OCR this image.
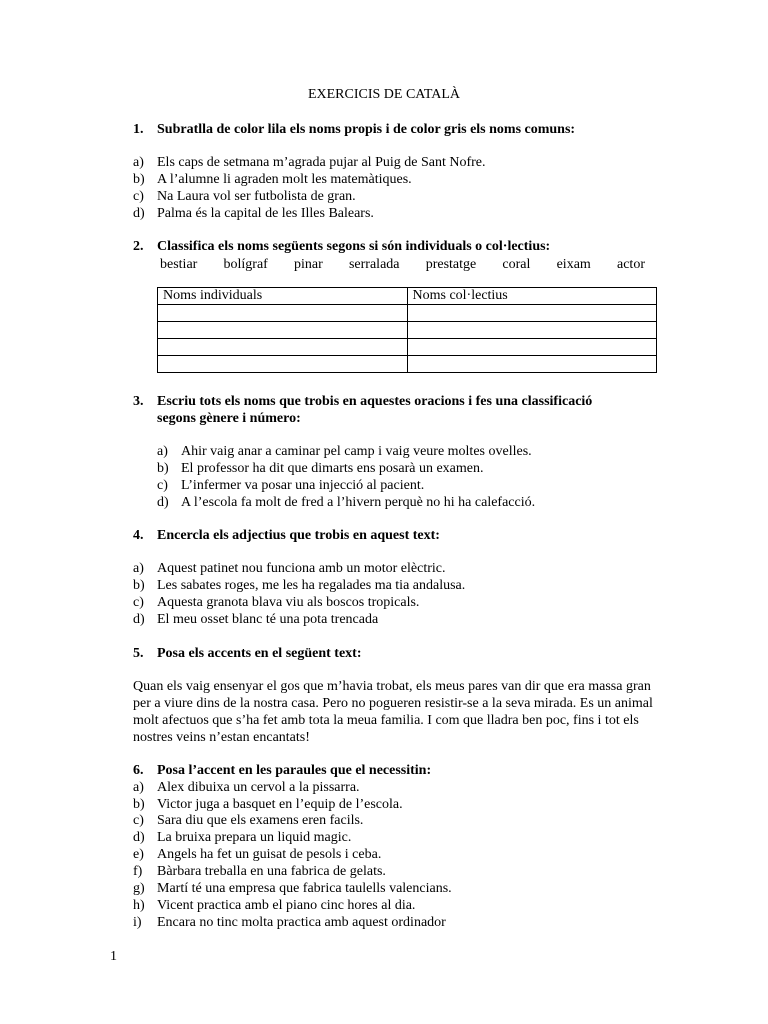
EXERCICIS DE CATALÀ
1. Subratlla de color lila els noms propis i de color gris els noms comuns:
a) Els caps de setmana m’agrada pujar al Puig de Sant Nofre.
b) A l’alumne li agraden molt les matemàtiques.
c) Na Laura vol ser futbolista de gran.
d) Palma és la capital de les Illes Balears.
2. Classifica els noms següents segons si són individuals o col·lectius:
bestiar bolígraf pinar serralada prestatge coral eixam actor
Noms individuals	Noms col·lectius

3. Escriu tots els noms que trobis en aquestes oracions i fes una classificació
segons gènere i número:
a) Ahir vaig anar a caminar pel camp i vaig veure moltes ovelles.
b) El professor ha dit que dimarts ens posarà un examen.
c) L’infermer va posar una injecció al pacient.
d) A l’escola fa molt de fred a l’hivern perquè no hi ha calefacció.
4. Encercla els adjectius que trobis en aquest text:
a) Aquest patinet nou funciona amb un motor elèctric.
b) Les sabates roges, me les ha regalades ma tia andalusa.
c) Aquesta granota blava viu als boscos tropicals.
d) El meu osset blanc té una pota trencada
5. Posa els accents en el següent text:
Quan els vaig ensenyar el gos que m’havia trobat, els meus pares van dir que era massa gran per a viure dins de la nostra casa. Pero no pogueren resistir-se a la seva mirada. Es un animal molt afectuos que s’ha fet amb tota la meua familia. I com que lladra ben poc, fins i tot els nostres veins n’estan encantats!
6. Posa l’accent en les paraules que el necessitin:
a) Alex dibuixa un cervol a la pissarra.
b) Victor juga a basquet en l’equip de l’escola.
c) Sara diu que els examens eren facils.
d) La bruixa prepara un liquid magic.
e) Angels ha fet un guisat de pesols i ceba.
f) Bàrbara treballa en una fabrica de gelats.
g) Martí té una empresa que fabrica taulells valencians.
h) Vicent practica amb el piano cinc hores al dia.
i) Encara no tinc molta practica amb aquest ordinador
1
